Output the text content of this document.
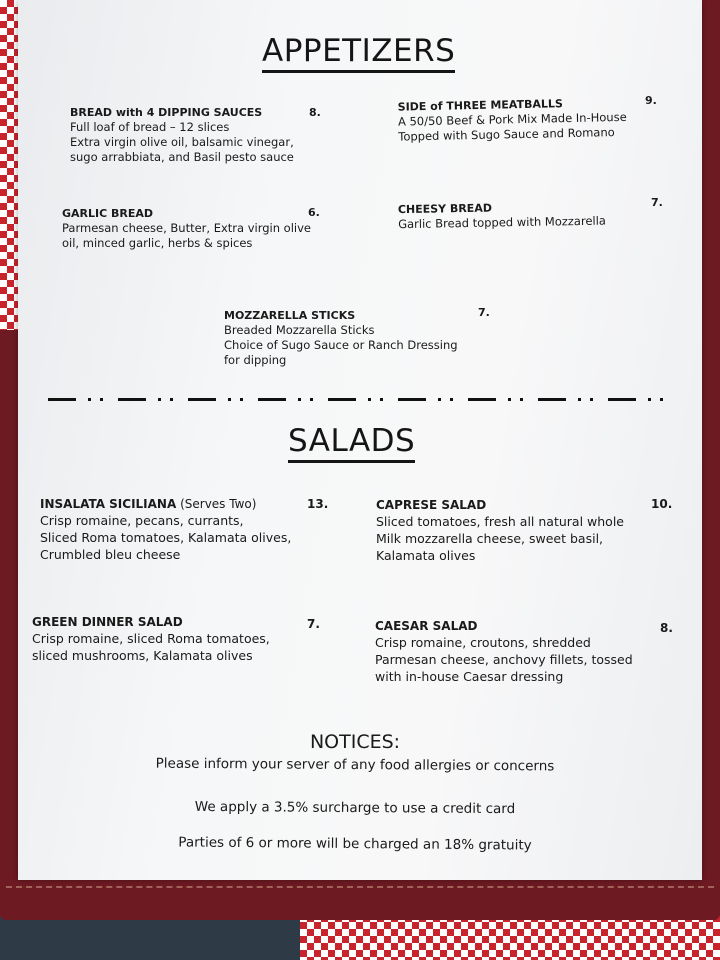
APPETIZERS
BREAD with 4 DIPPING SAUCES
Full loaf of bread – 12 slices
Extra virgin olive oil, balsamic vinegar,
sugo arrabbiata, and Basil pesto sauce
8.	SIDE of THREE MEATBALLS
A 50/50 Beef & Pork Mix Made In-House
Topped with Sugo Sauce and Romano
9.
GARLIC BREAD
Parmesan cheese, Butter, Extra virgin olive
oil, minced garlic, herbs & spices
6.	CHEESY BREAD
Garlic Bread topped with Mozzarella
7.
MOZZARELLA STICKS
Breaded Mozzarella Sticks
Choice of Sugo Sauce or Ranch Dressing
for dipping
7.
SALADS
INSALATA SICILIANA (Serves Two)
Crisp romaine, pecans, currants,
Sliced Roma tomatoes, Kalamata olives,
Crumbled bleu cheese
13.	CAPRESE SALAD
Sliced tomatoes, fresh all natural whole
Milk mozzarella cheese, sweet basil,
Kalamata olives
10.
GREEN DINNER SALAD
Crisp romaine, sliced Roma tomatoes,
sliced mushrooms, Kalamata olives
7.	CAESAR SALAD
Crisp romaine, croutons, shredded
Parmesan cheese, anchovy fillets, tossed
with in-house Caesar dressing
8.
NOTICES:
Please inform your server of any food allergies or concerns
We apply a 3.5% surcharge to use a credit card
Parties of 6 or more will be charged an 18% gratuity
